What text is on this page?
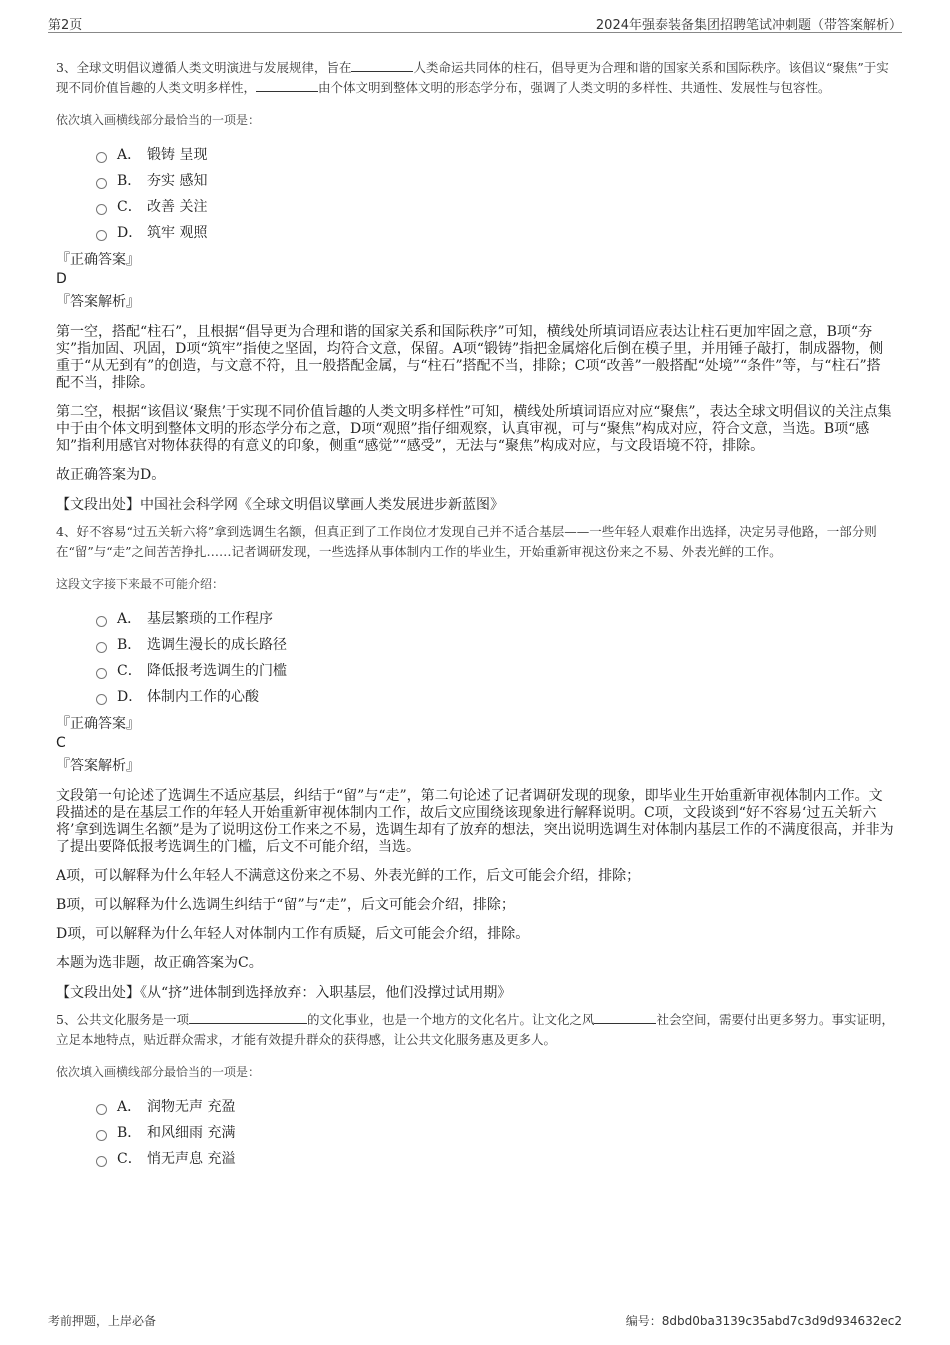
第2页	2024年强泰装备集团招聘笔试冲刺题（带答案解析）

3、全球文明倡议遵循人类文明演进与发展规律，旨在	人类命运共同体的柱石，倡导更为合理和谐的国家关系和国际秩序。该倡议“聚焦”于实现不同价值旨趣的人类文明多样性，	由个体文明到整体文明的形态学分布，强调了人类文明的多样性、共通性、发展性与包容性。

依次填入画横线部分最恰当的一项是：

A． 锻铸 呈现
B． 夯实 感知
C． 改善 关注
D． 筑牢 观照

『正确答案』

D

『答案解析』

第一空，搭配“柱石”，且根据“倡导更为合理和谐的国家关系和国际秩序”可知，横线处所填词语应表达让柱石更加牢固之意，B项“夯实”指加固、巩固，D项“筑牢”指使之坚固，均符合文意，保留。A项“锻铸”指把金属熔化后倒在模子里，并用锤子敲打，制成器物，侧重于“从无到有”的创造，与文意不符，且一般搭配金属，与“柱石”搭配不当，排除；C项“改善”一般搭配“处境”“条件”等，与“柱石”搭配不当，排除。

第二空，根据“该倡议‘聚焦’于实现不同价值旨趣的人类文明多样性”可知，横线处所填词语应对应“聚焦”，表达全球文明倡议的关注点集中于由个体文明到整体文明的形态学分布之意，D项“观照”指仔细观察，认真审视，可与“聚焦”构成对应，符合文意，当选。B项“感知”指利用感官对物体获得的有意义的印象，侧重“感觉”“感受”，无法与“聚焦”构成对应，与文段语境不符，排除。

故正确答案为D。

【文段出处】中国社会科学网《全球文明倡议擘画人类发展进步新蓝图》

4、好不容易“过五关斩六将”拿到选调生名额，但真正到了工作岗位才发现自己并不适合基层——一些年轻人艰难作出选择，决定另寻他路，一部分则在“留”与“走”之间苦苦挣扎……记者调研发现，一些选择从事体制内工作的毕业生，开始重新审视这份来之不易、外表光鲜的工作。

这段文字接下来最不可能介绍：

A． 基层繁琐的工作程序
B． 选调生漫长的成长路径
C． 降低报考选调生的门槛
D． 体制内工作的心酸

『正确答案』

C

『答案解析』

文段第一句论述了选调生不适应基层，纠结于“留”与“走”，第二句论述了记者调研发现的现象，即毕业生开始重新审视体制内工作。文段描述的是在基层工作的年轻人开始重新审视体制内工作，故后文应围绕该现象进行解释说明。C项，文段谈到“好不容易‘过五关斩六将’拿到选调生名额”是为了说明这份工作来之不易，选调生却有了放弃的想法，突出说明选调生对体制内基层工作的不满度很高，并非为了提出要降低报考选调生的门槛，后文不可能介绍，当选。

A项，可以解释为什么年轻人不满意这份来之不易、外表光鲜的工作，后文可能会介绍，排除；

B项，可以解释为什么选调生纠结于“留”与“走”，后文可能会介绍，排除；

D项，可以解释为什么年轻人对体制内工作有质疑，后文可能会介绍，排除。

本题为选非题，故正确答案为C。

【文段出处】《从“挤”进体制到选择放弃：入职基层，他们没撑过试用期》

5、公共文化服务是一项	的文化事业，也是一个地方的文化名片。让文化之风	社会空间，需要付出更多努力。事实证明，立足本地特点，贴近群众需求，才能有效提升群众的获得感，让公共文化服务惠及更多人。

依次填入画横线部分最恰当的一项是：

A． 润物无声 充盈
B． 和风细雨 充满
C． 悄无声息 充溢
考前押题，上岸必备	编号：8dbd0ba3139c35abd7c3d9d934632ec2
